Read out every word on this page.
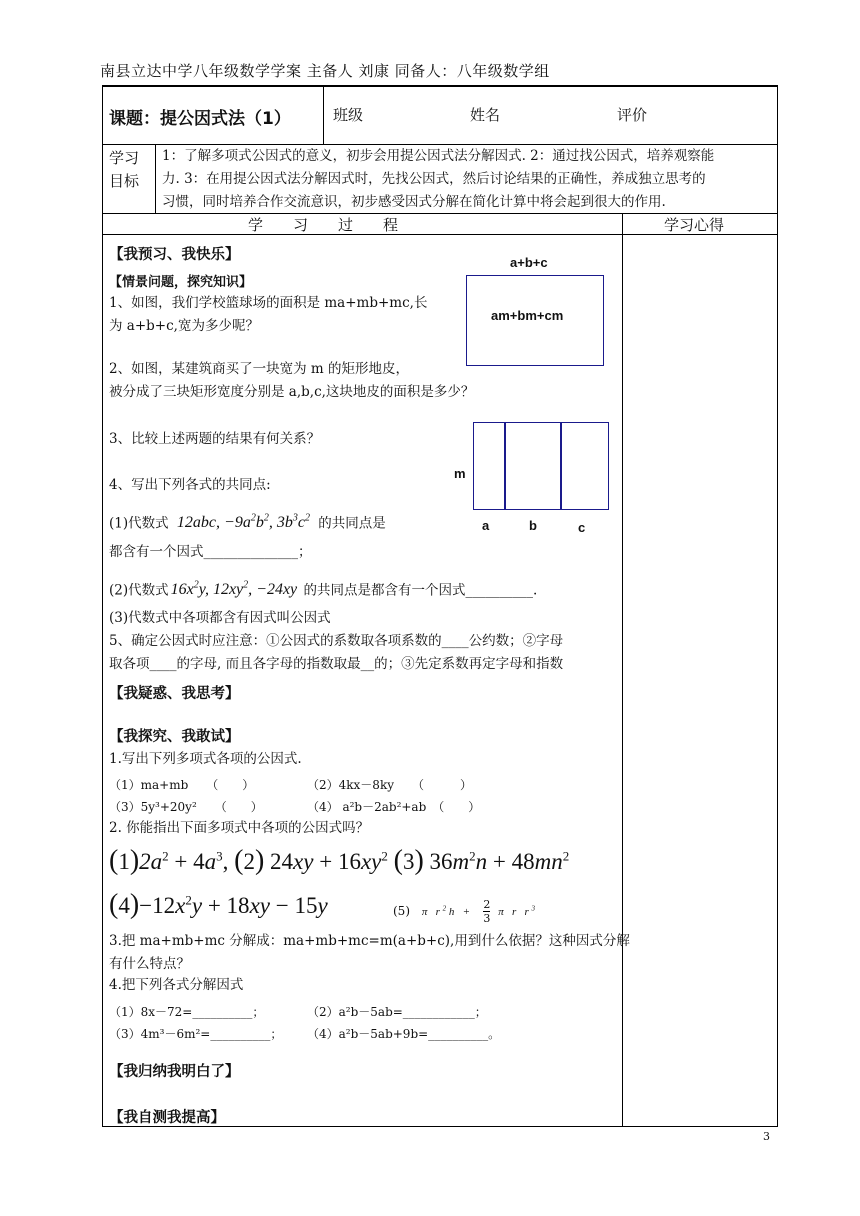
南县立达中学八年级数学学案 主备人 刘康 同备人：八年级数学组
课题：提公因式法（1）	班级	姓名	评价
学习
目标
1：了解多项式公因式的意义，初步会用提公因式法分解因式. 2：通过找公因式，培养观察能
力. 3：在用提公因式法分解因式时，先找公因式，然后讨论结果的正确性，养成独立思考的
习惯，同时培养合作交流意识，初步感受因式分解在简化计算中将会起到很大的作用.
学　　习　　过　　程	学习心得
【我预习、我快乐】
【情景问题，探究知识】
1、如图，我们学校篮球场的面积是 ma+mb+mc,长
为 a+b+c,宽为多少呢？
2、如图，某建筑商买了一块宽为 m 的矩形地皮，
被分成了三块矩形宽度分别是 a,b,c,这块地皮的面积是多少？
3、比较上述两题的结果有何关系？
4、写出下列各式的共同点:
(1)代数式 12abc, $-9a^2b^2$, $3b^3c^2$ 的共同点是
都含有一个因式______________；
(2)代数式 $16x^2y$, $12xy^2$, −24xy 的共同点是都含有一个因式__________.
(3)代数式中各项都含有因式叫公因式
5、确定公因式时应注意：①公因式的系数取各项系数的____公约数；②字母
取各项____的字母, 而且各字母的指数取最__的；③先定系数再定字母和指数
a+b+c
am+bm+cm
m
a	b	c
【我疑惑、我思考】
【我探究、我敢试】
1.写出下列多项式各项的公因式.
（1）ma+mb　　（　　）	（2）4kx－8ky　　（　　　）
（3）5y³+20y²　　（　　）	（4） a²b－2ab²+ab　（　　）
2. 你能指出下面多项式中各项的公因式吗？
$(1)2a^2 + 4a^3$, (2) $24xy + 16xy^2$ (3) $36m^2n + 48mn^2$
$(4)-12x^2y + 18xy - 15y$	(5) π   r $^2$ $h + \frac{2}{3}$ π   r   r $^3$
3.把 ma+mb+mc 分解成：ma+mb+mc=m(a+b+c),用到什么依据？这种因式分解
有什么特点？
4.把下列各式分解因式
（1）8x－72=__________；	（2）a²b－5ab=____________；
（3）4m³－6m²=__________； （4）a²b－5ab+9b=__________。
【我归纳我明白了】
【我自测我提高】
3
